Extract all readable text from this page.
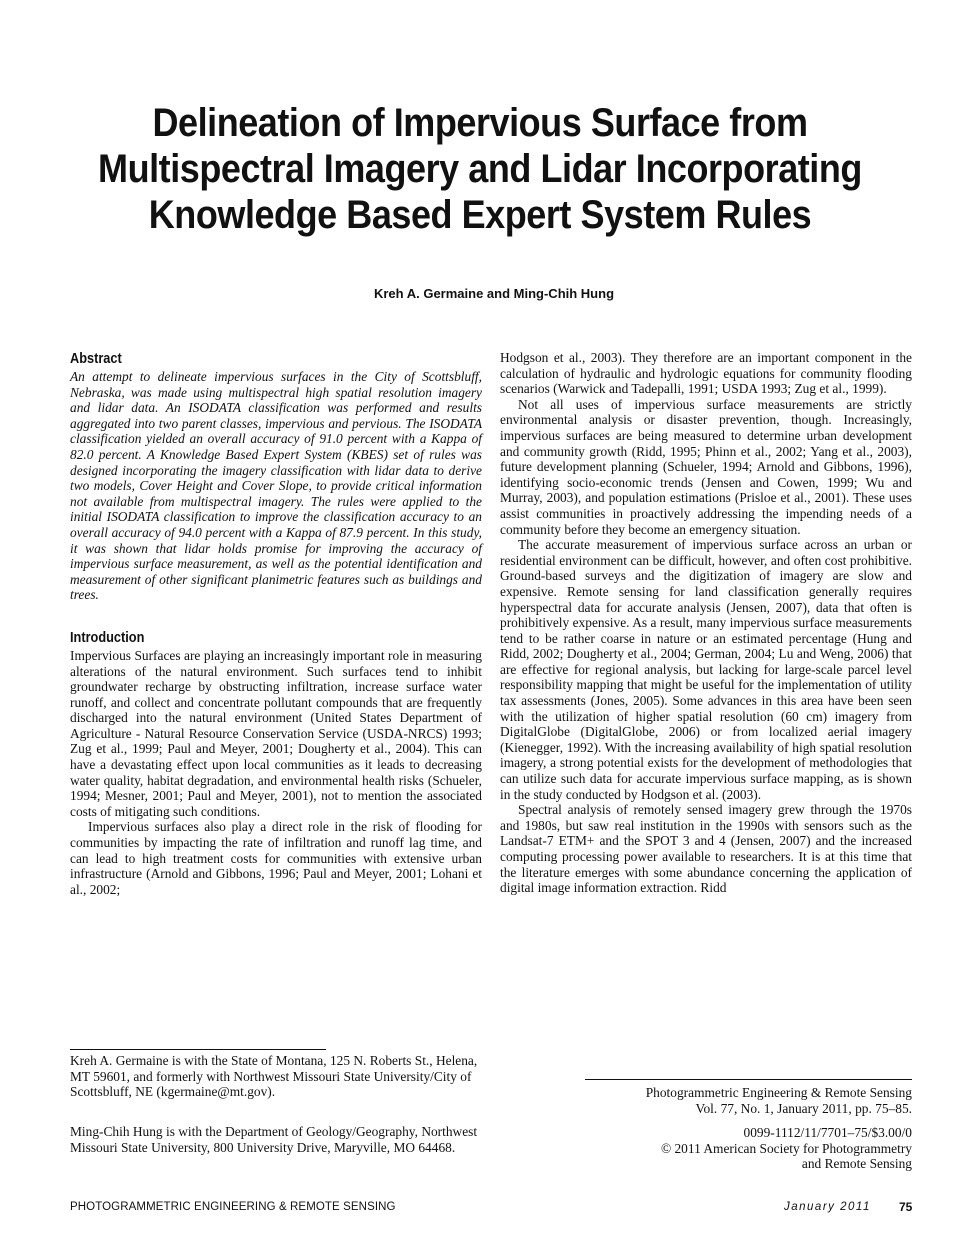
Delineation of Impervious Surface from
Multispectral Imagery and Lidar Incorporating
Knowledge Based Expert System Rules
Kreh A. Germaine and Ming-Chih Hung
Abstract

An attempt to delineate impervious surfaces in the City of Scottsbluff, Nebraska, was made using multispectral high spatial resolution imagery and lidar data. An ISODATA classification was performed and results aggregated into two parent classes, impervious and pervious. The ISODATA classification yielded an overall accuracy of 91.0 percent with a Kappa of 82.0 percent. A Knowledge Based Expert System (KBES) set of rules was designed incorporating the imagery classification with lidar data to derive two models, Cover Height and Cover Slope, to provide critical information not available from multispectral imagery. The rules were applied to the initial ISODATA classification to improve the classification accuracy to an overall accuracy of 94.0 percent with a Kappa of 87.9 percent. In this study, it was shown that lidar holds promise for improving the accuracy of impervious surface measurement, as well as the potential identification and measurement of other significant planimetric features such as buildings and trees.

Introduction

Impervious Surfaces are playing an increasingly important role in measuring alterations of the natural environment. Such surfaces tend to inhibit groundwater recharge by obstructing infiltration, increase surface water runoff, and collect and concentrate pollutant compounds that are frequently discharged into the natural environment (United States Department of Agriculture - Natural Resource Conservation Service (USDA-NRCS) 1993; Zug et al., 1999; Paul and Meyer, 2001; Dougherty et al., 2004). This can have a devastating effect upon local communities as it leads to decreasing water quality, habitat degradation, and environmental health risks (Schueler, 1994; Mesner, 2001; Paul and Meyer, 2001), not to mention the associated costs of mitigating such conditions.

Impervious surfaces also play a direct role in the risk of flooding for communities by impacting the rate of infiltration and runoff lag time, and can lead to high treatment costs for communities with extensive urban infrastructure (Arnold and Gibbons, 1996; Paul and Meyer, 2001; Lohani et al., 2002;

Hodgson et al., 2003). They therefore are an important component in the calculation of hydraulic and hydrologic equations for community flooding scenarios (Warwick and Tadepalli, 1991; USDA 1993; Zug et al., 1999).

Not all uses of impervious surface measurements are strictly environmental analysis or disaster prevention, though. Increasingly, impervious surfaces are being measured to determine urban development and community growth (Ridd, 1995; Phinn et al., 2002; Yang et al., 2003), future development planning (Schueler, 1994; Arnold and Gibbons, 1996), identifying socio-economic trends (Jensen and Cowen, 1999; Wu and Murray, 2003), and population estimations (Prisloe et al., 2001). These uses assist communities in proactively addressing the impending needs of a community before they become an emergency situation.

The accurate measurement of impervious surface across an urban or residential environment can be difficult, however, and often cost prohibitive. Ground-based surveys and the digitization of imagery are slow and expensive. Remote sensing for land classification generally requires hyperspectral data for accurate analysis (Jensen, 2007), data that often is prohibitively expensive. As a result, many impervious surface measurements tend to be rather coarse in nature or an estimated percentage (Hung and Ridd, 2002; Dougherty et al., 2004; German, 2004; Lu and Weng, 2006) that are effective for regional analysis, but lacking for large-scale parcel level responsibility mapping that might be useful for the implementation of utility tax assessments (Jones, 2005). Some advances in this area have been seen with the utilization of higher spatial resolution (60 cm) imagery from DigitalGlobe (DigitalGlobe, 2006) or from localized aerial imagery (Kienegger, 1992). With the increasing availability of high spatial resolution imagery, a strong potential exists for the development of methodologies that can utilize such data for accurate impervious surface mapping, as is shown in the study conducted by Hodgson et al. (2003).

Spectral analysis of remotely sensed imagery grew through the 1970s and 1980s, but saw real institution in the 1990s with sensors such as the Landsat-7 ETM+ and the SPOT 3 and 4 (Jensen, 2007) and the increased computing processing power available to researchers. It is at this time that the literature emerges with some abundance concerning the application of digital image information extraction. Ridd

Kreh A. Germaine is with the State of Montana, 125 N. Roberts St., Helena, MT 59601, and formerly with Northwest Missouri State University/City of Scottsbluff, NE (kgermaine@mt.gov).

Ming-Chih Hung is with the Department of Geology/Geography, Northwest Missouri State University, 800 University Drive, Maryville, MO 64468.

Photogrammetric Engineering & Remote Sensing
Vol. 77, No. 1, January 2011, pp. 75–85.
0099-1112/11/7701–75/$3.00/0
© 2011 American Society for Photogrammetry
and Remote Sensing
PHOTOGRAMMETRIC ENGINEERING & REMOTE SENSING	January 2011 75
